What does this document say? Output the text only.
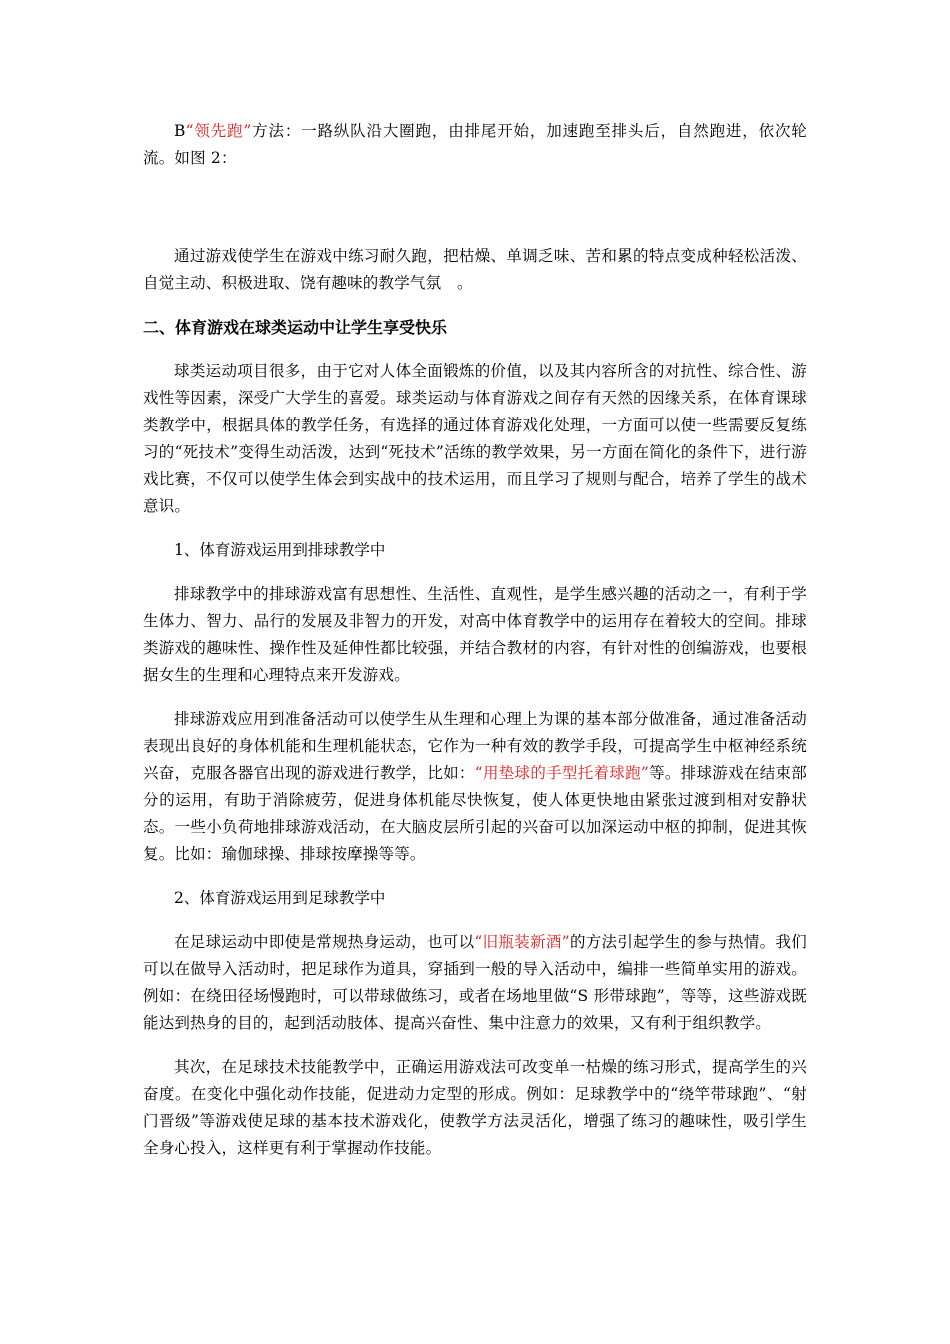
B“领先跑”方法：一路纵队沿大圈跑，由排尾开始，加速跑至排头后，自然跑进，依次轮流。如图 2：

通过游戏使学生在游戏中练习耐久跑，把枯燥、单调乏味、苦和累的特点变成种轻松活泼、自觉主动、积极进取、饶有趣味的教学气氛　。

二、体育游戏在球类运动中让学生享受快乐

球类运动项目很多，由于它对人体全面锻炼的价值，以及其内容所含的对抗性、综合性、游戏性等因素，深受广大学生的喜爱。球类运动与体育游戏之间存有天然的因缘关系，在体育课球类教学中，根据具体的教学任务，有选择的通过体育游戏化处理，一方面可以使一些需要反复练习的“死技术”变得生动活泼，达到“死技术”活练的教学效果，另一方面在简化的条件下，进行游戏比赛，不仅可以使学生体会到实战中的技术运用，而且学习了规则与配合，培养了学生的战术意识。

1、体育游戏运用到排球教学中

排球教学中的排球游戏富有思想性、生活性、直观性，是学生感兴趣的活动之一，有利于学生体力、智力、品行的发展及非智力的开发，对高中体育教学中的运用存在着较大的空间。排球类游戏的趣味性、操作性及延伸性都比较强，并结合教材的内容，有针对性的创编游戏，也要根据女生的生理和心理特点来开发游戏。

排球游戏应用到准备活动可以使学生从生理和心理上为课的基本部分做准备，通过准备活动表现出良好的身体机能和生理机能状态，它作为一种有效的教学手段，可提高学生中枢神经系统兴奋，克服各器官出现的游戏进行教学，比如：“用垫球的手型托着球跑”等。排球游戏在结束部分的运用，有助于消除疲劳，促进身体机能尽快恢复，使人体更快地由紧张过渡到相对安静状态。一些小负荷地排球游戏活动，在大脑皮层所引起的兴奋可以加深运动中枢的抑制，促进其恢复。比如：瑜伽球操、排球按摩操等等。

2、体育游戏运用到足球教学中

在足球运动中即使是常规热身运动，也可以“旧瓶装新酒”的方法引起学生的参与热情。我们可以在做导入活动时，把足球作为道具，穿插到一般的导入活动中，编排一些简单实用的游戏。例如：在绕田径场慢跑时，可以带球做练习，或者在场地里做“S 形带球跑”，等等，这些游戏既能达到热身的目的，起到活动肢体、提高兴奋性、集中注意力的效果，又有利于组织教学。

其次，在足球技术技能教学中，正确运用游戏法可改变单一枯燥的练习形式，提高学生的兴奋度。在变化中强化动作技能，促进动力定型的形成。例如：足球教学中的“绕竿带球跑”、“射门晋级”等游戏使足球的基本技术游戏化，使教学方法灵活化，增强了练习的趣味性，吸引学生全身心投入，这样更有利于掌握动作技能。
